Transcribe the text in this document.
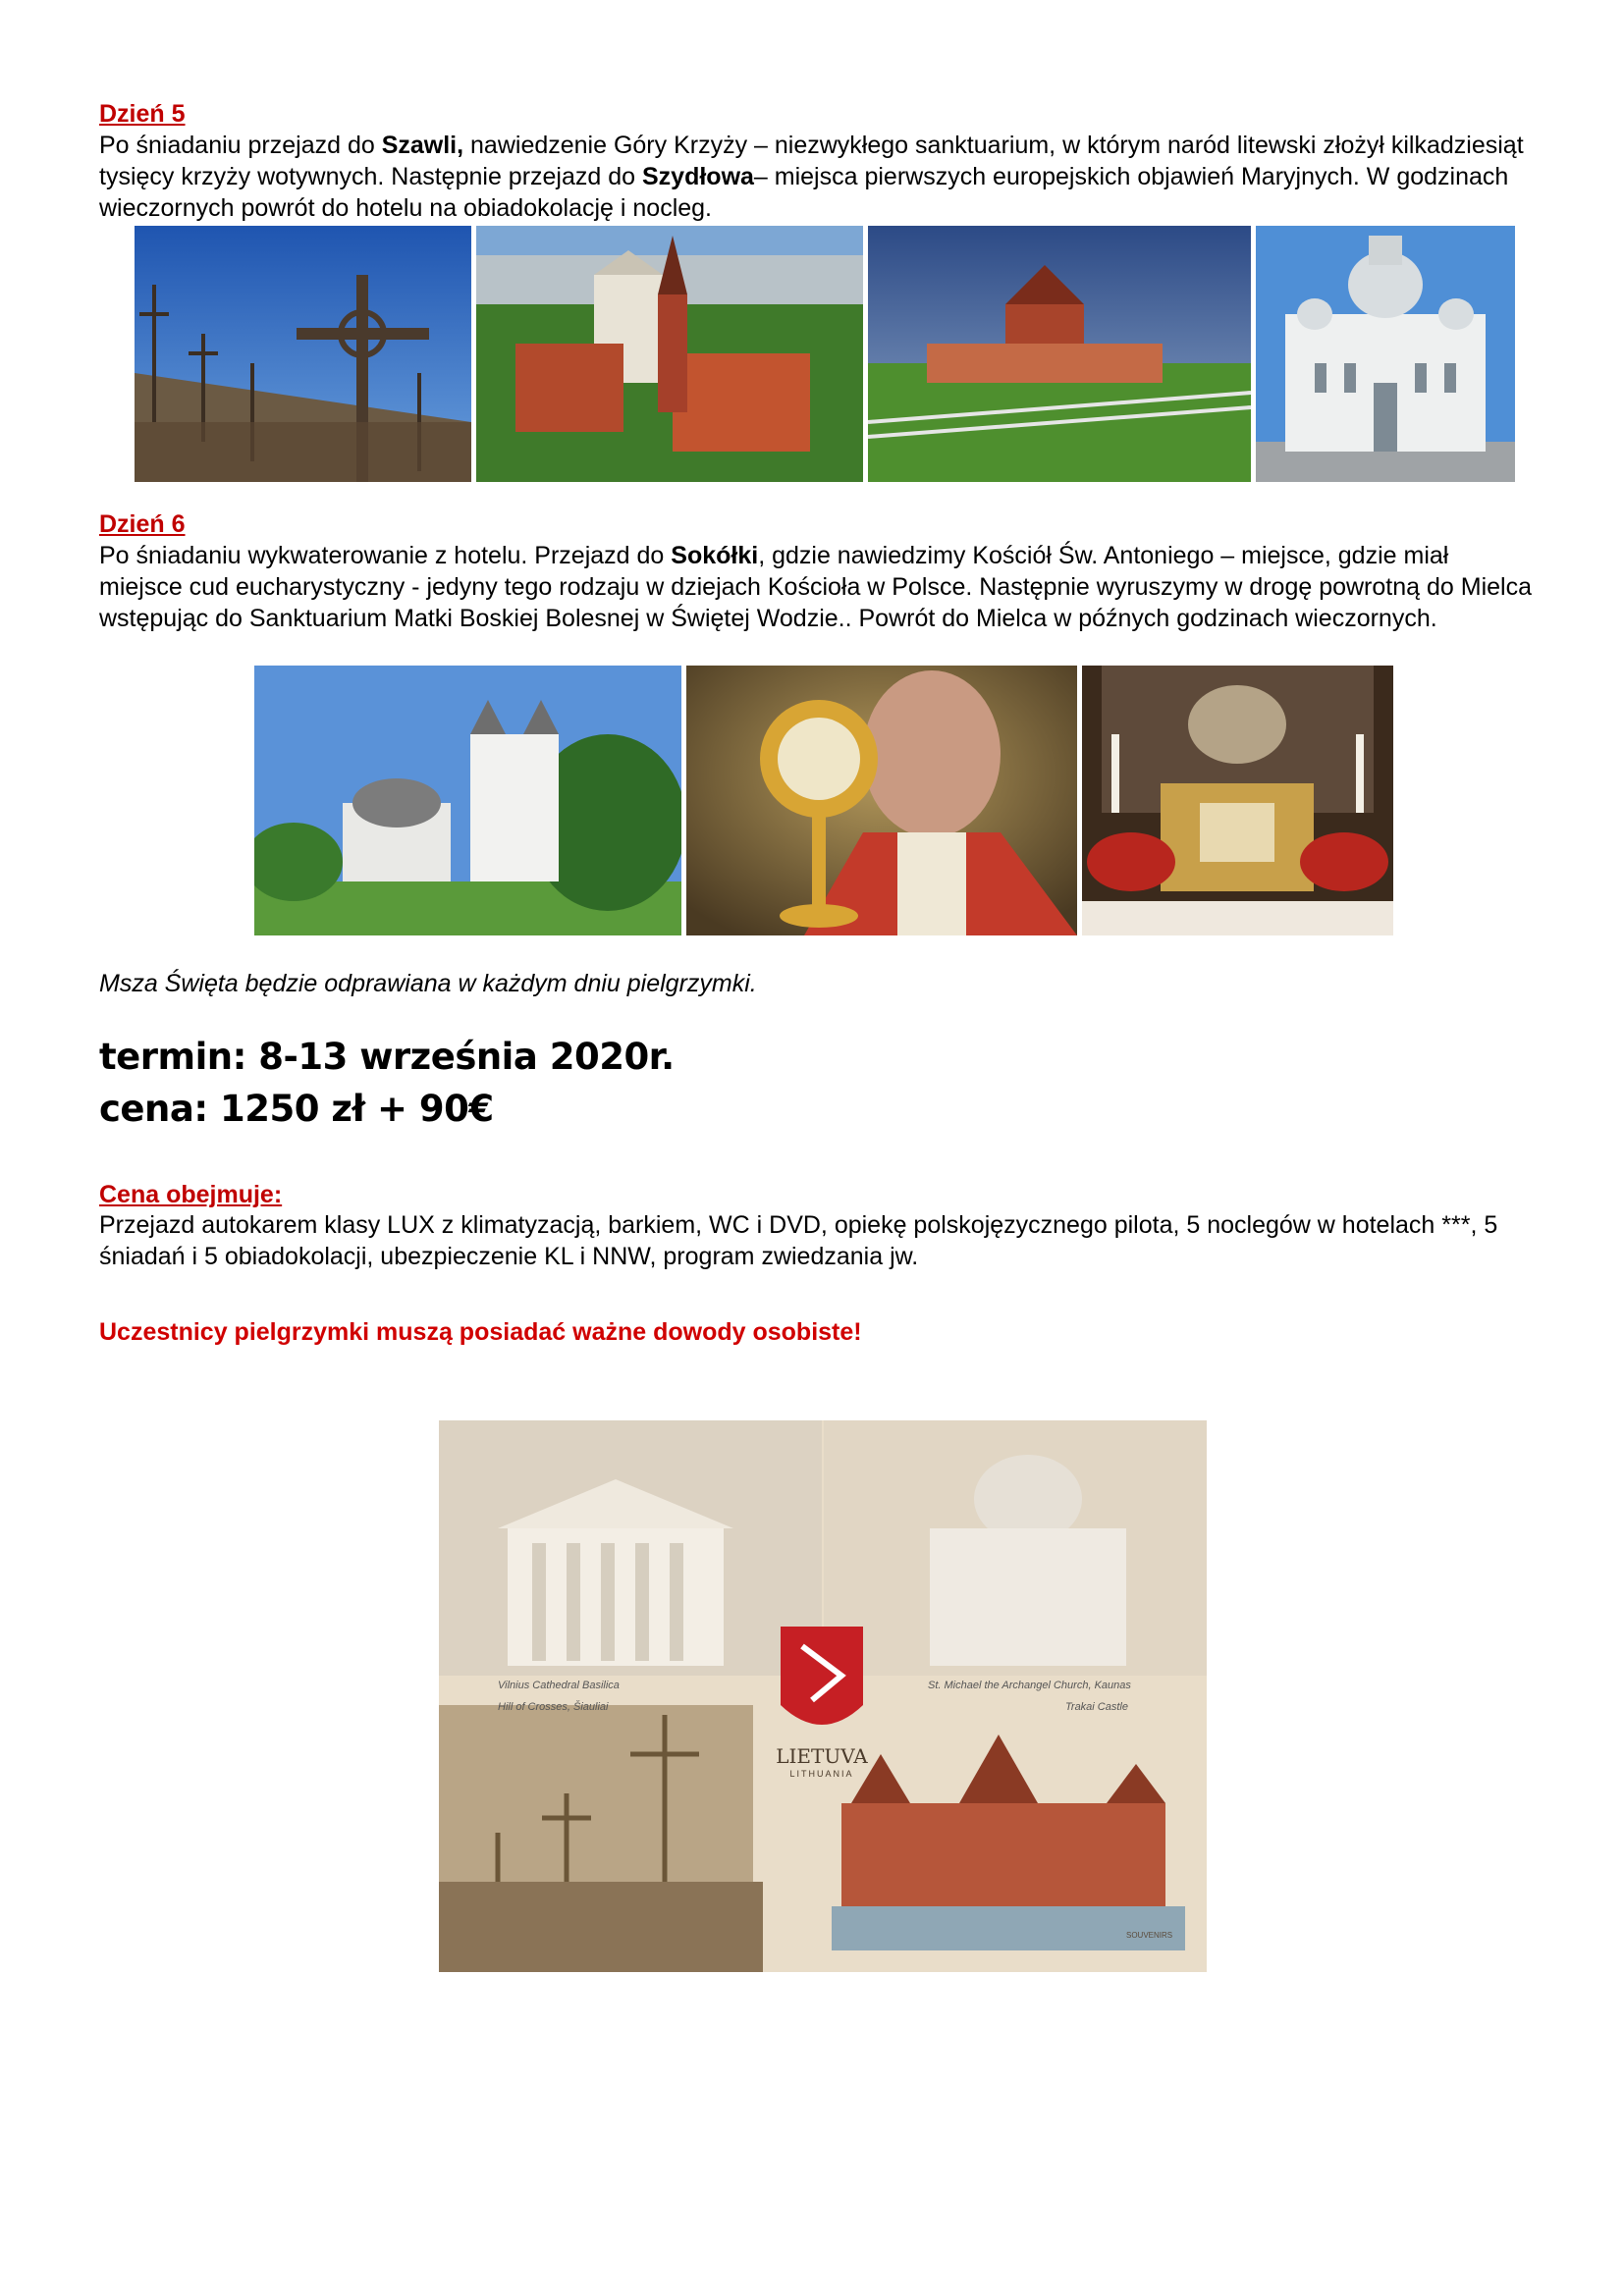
Dzień 5
Po śniadaniu przejazd do Szawli, nawiedzenie Góry Krzyży – niezwykłego sanktuarium, w którym naród litewski złożył kilkadziesiąt tysięcy krzyży wotywnych. Następnie przejazd do Szydłowa– miejsca pierwszych europejskich objawień Maryjnych. W godzinach wieczornych powrót do hotelu na obiadokolację i nocleg.
Dzień 6
Po śniadaniu wykwaterowanie z hotelu. Przejazd do Sokółki, gdzie nawiedzimy Kościół Św. Antoniego – miejsce, gdzie miał miejsce cud eucharystyczny - jedyny tego rodzaju w dziejach Kościoła w Polsce. Następnie wyruszymy w drogę powrotną do Mielca wstępując do Sanktuarium Matki Boskiej Bolesnej w Świętej Wodzie.. Powrót do Mielca w późnych godzinach wieczornych.
Msza Święta będzie odprawiana w każdym dniu pielgrzymki.
termin: 8-13 września 2020r.
cena: 1250 zł + 90€
Cena obejmuje:
Przejazd autokarem klasy LUX z klimatyzacją, barkiem, WC i DVD, opiekę polskojęzycznego pilota, 5 noclegów w hotelach ***, 5 śniadań i 5 obiadokolacji, ubezpieczenie KL i NNW, program zwiedzania jw.
Uczestnicy pielgrzymki muszą posiadać ważne dowody osobiste!
Vilnius Cathedral Basilica	St. Michael the Archangel Church, Kaunas
Hill of Crosses, Šiauliai	Trakai Castle
LIETUVA
LITHUANIA
SOUVENIRS
